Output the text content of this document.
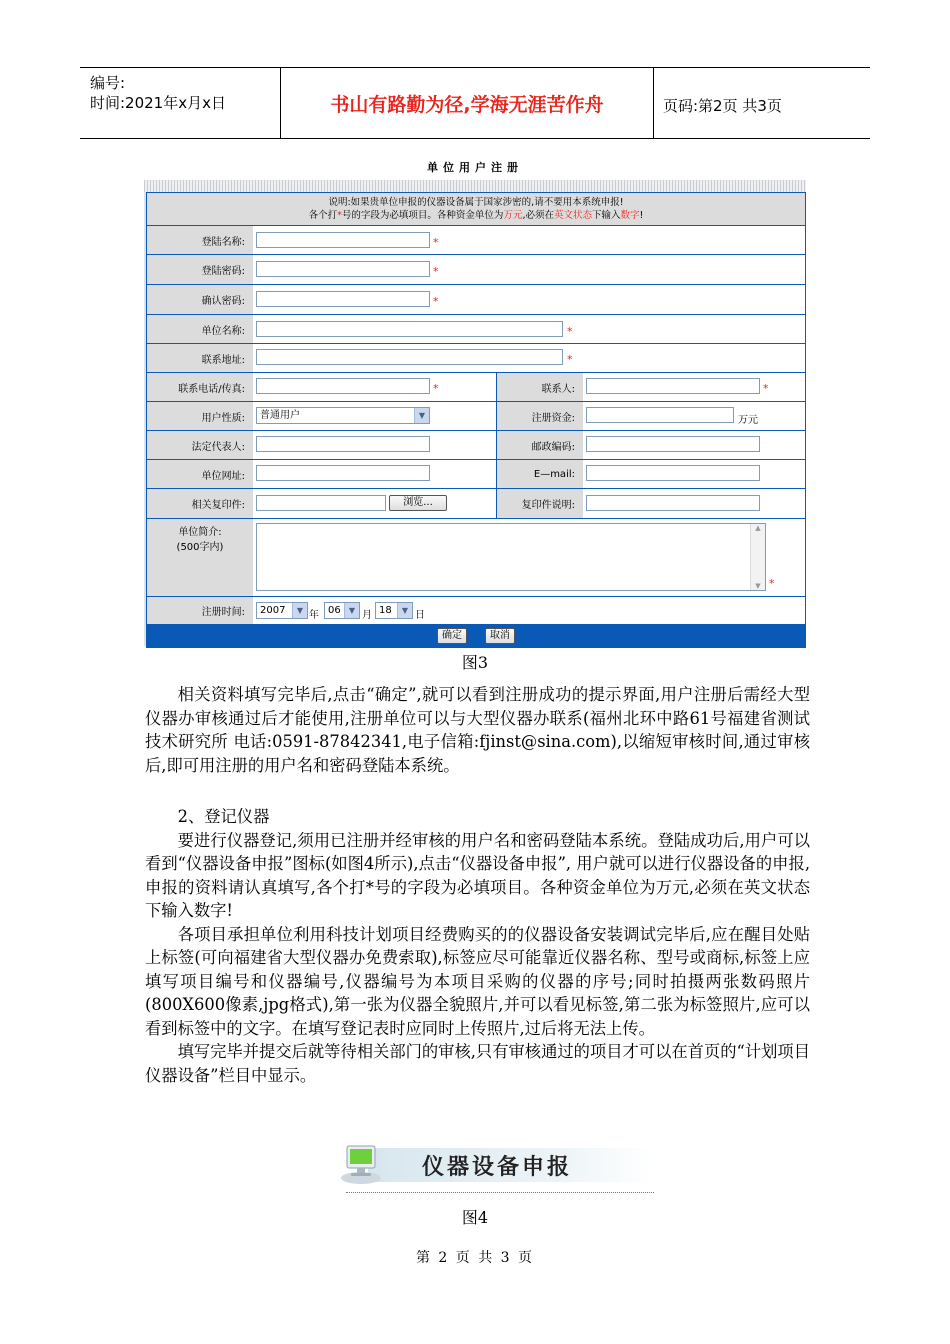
编号:
时间:2021年x月x日	书山有路勤为径,学海无涯苦作舟	页码:第2页 共3页
单位用户注册
说明:如果贵单位申报的仪器设备属于国家涉密的,请不要用本系统申报!
各个打*号的字段为必填项目。各种资金单位为万元,必须在英文状态下输入数字!
登陆名称:	*
登陆密码:	*
确认密码:	*
单位名称:	*
联系地址:	*
联系电话/传真:	*	联系人:	*
用户性质:	普通用户	▼	注册资金:	万元
法定代表人:	邮政编码:
单位网址:	E—mail:
相关复印件:	浏览...	复印件说明:
单位简介:
(500字内)
▲
▼ *
注册时间:	2007	▼ 年 06	▼ 月 18	▼ 日
确定	取消
图3

相关资料填写完毕后,点击“确定”,就可以看到注册成功的提示界面,用户注册后需经大型仪器办审核通过后才能使用,注册单位可以与大型仪器办联系(福州北环中路61号福建省测试技术研究所 电话:0591-87842341,电子信箱:fjinst@sina.com),以缩短审核时间,通过审核后,即可用注册的用户名和密码登陆本系统。

2、登记仪器

要进行仪器登记,须用已注册并经审核的用户名和密码登陆本系统。登陆成功后,用户可以看到“仪器设备申报”图标(如图4所示),点击“仪器设备申报”, 用户就可以进行仪器设备的申报,申报的资料请认真填写,各个打*号的字段为必填项目。各种资金单位为万元,必须在英文状态下输入数字!

各项目承担单位利用科技计划项目经费购买的的仪器设备安装调试完毕后,应在醒目处贴上标签(可向福建省大型仪器办免费索取),标签应尽可能靠近仪器名称、型号或商标,标签上应填写项目编号和仪器编号,仪器编号为本项目采购的仪器的序号;同时拍摄两张数码照片(800X600像素,jpg格式),第一张为仪器全貌照片,并可以看见标签,第二张为标签照片,应可以看到标签中的文字。在填写登记表时应同时上传照片,过后将无法上传。

填写完毕并提交后就等待相关部门的审核,只有审核通过的项目才可以在首页的“计划项目仪器设备”栏目中显示。

仪器设备申报
图4
第 2 页 共 3 页
